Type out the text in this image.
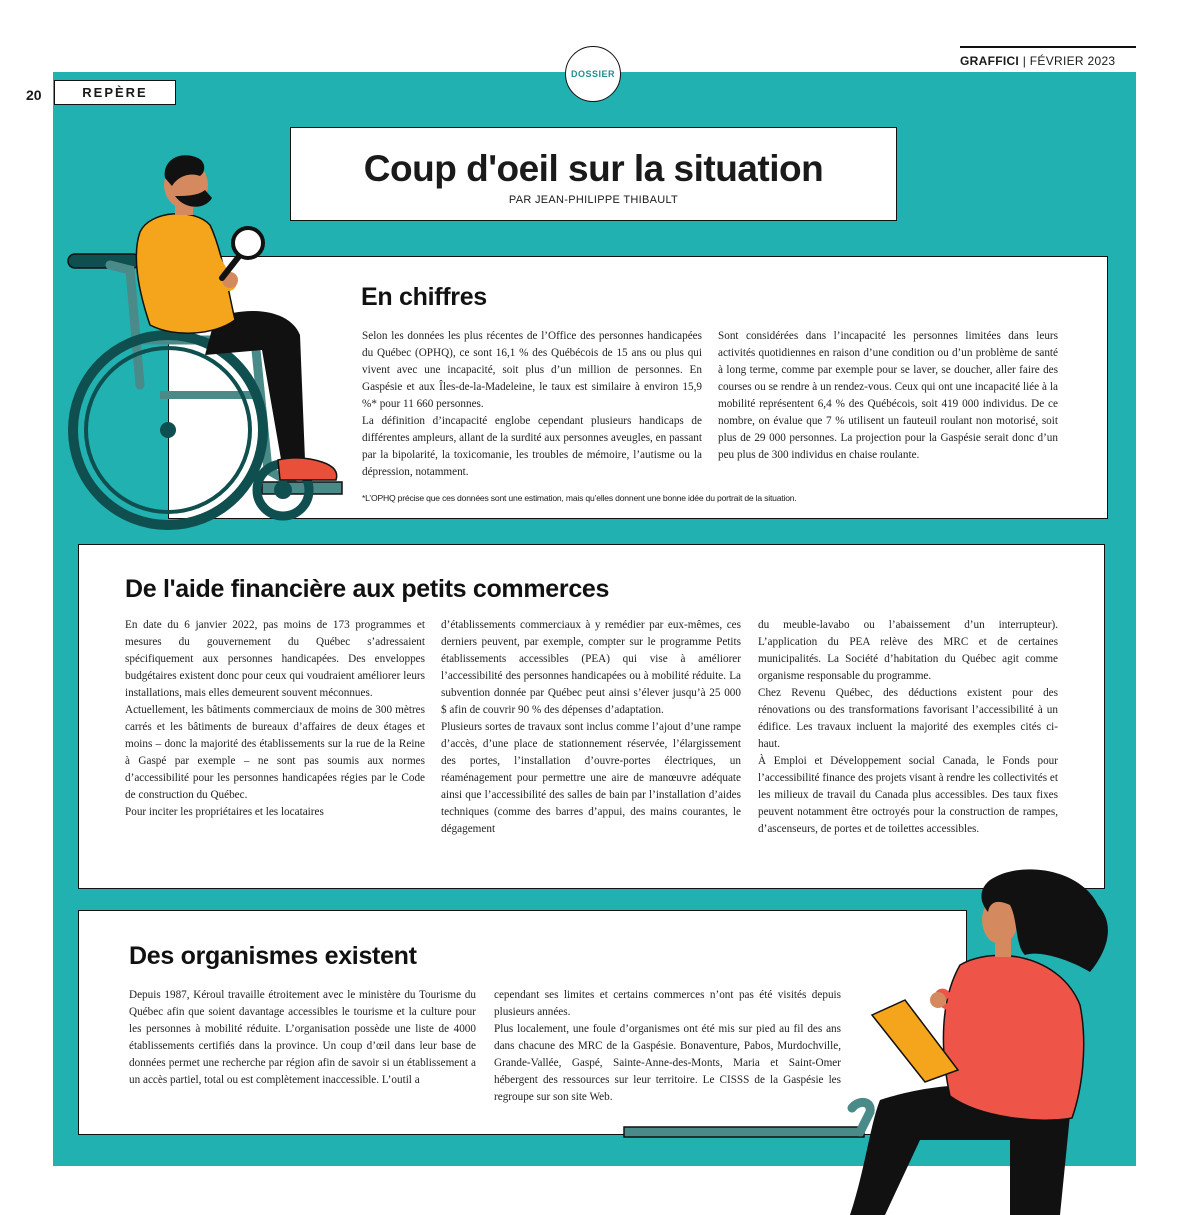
GRAFFICI | FÉVRIER 2023
20	REPÈRE
DOSSIER
Coup d'oeil sur la situation
PAR JEAN-PHILIPPE THIBAULT
En chiffres

Selon les données les plus récentes de l’Office des personnes handicapées du Québec (OPHQ), ce sont 16,1 % des Québécois de 15 ans ou plus qui vivent avec une incapacité, soit plus d’un million de personnes. En Gaspésie et aux Îles-de-la-Madeleine, le taux est similaire à environ 15,9 %* pour 11 660 personnes.

La définition d’incapacité englobe cependant plusieurs handicaps de différentes ampleurs, allant de la surdité aux personnes aveugles, en passant par la bipolarité, la toxicomanie, les troubles de mémoire, l’autisme ou la dépression, notamment.

Sont considérées dans l’incapacité les personnes limitées dans leurs activités quotidiennes en raison d’une condition ou d’un problème de santé à long terme, comme par exemple pour se laver, se doucher, aller faire des courses ou se rendre à un rendez-vous. Ceux qui ont une incapacité liée à la mobilité représentent 6,4 % des Québécois, soit 419 000 individus. De ce nombre, on évalue que 7 % utilisent un fauteuil roulant non motorisé, soit plus de 29 000 personnes. La projection pour la Gaspésie serait donc d’un peu plus de 300 individus en chaise roulante.

*L’OPHQ précise que ces données sont une estimation, mais qu’elles donnent une bonne idée du portrait de la situation.
De l'aide financière aux petits commerces

En date du 6 janvier 2022, pas moins de 173 programmes et mesures du gouvernement du Québec s’adressaient spécifiquement aux personnes handicapées. Des enveloppes budgétaires existent donc pour ceux qui voudraient améliorer leurs installations, mais elles demeurent souvent méconnues.

Actuellement, les bâtiments commerciaux de moins de 300 mètres carrés et les bâtiments de bureaux d’affaires de deux étages et moins – donc la majorité des établissements sur la rue de la Reine à Gaspé par exemple – ne sont pas soumis aux normes d’accessibilité pour les personnes handicapées régies par le Code de construction du Québec.

Pour inciter les propriétaires et les locataires

d’établissements commerciaux à y remédier par eux-mêmes, ces derniers peuvent, par exemple, compter sur le programme Petits établissements accessibles (PEA) qui vise à améliorer l’accessibilité des personnes handicapées ou à mobilité réduite. La subvention donnée par Québec peut ainsi s’élever jusqu’à 25 000 $ afin de couvrir 90 % des dépenses d’adaptation.

Plusieurs sortes de travaux sont inclus comme l’ajout d’une rampe d’accès, d’une place de stationnement réservée, l’élargissement des portes, l’installation d’ouvre-portes électriques, un réaménagement pour permettre une aire de manœuvre adéquate ainsi que l’accessibilité des salles de bain par l’installation d’aides techniques (comme des barres d’appui, des mains courantes, le dégagement

du meuble-lavabo ou l’abaissement d’un interrupteur). L’application du PEA relève des MRC et de certaines municipalités. La Société d’habitation du Québec agit comme organisme responsable du programme.

Chez Revenu Québec, des déductions existent pour des rénovations ou des transformations favorisant l’accessibilité à un édifice. Les travaux incluent la majorité des exemples cités ci-haut.

À Emploi et Développement social Canada, le Fonds pour l’accessibilité finance des projets visant à rendre les collectivités et les milieux de travail du Canada plus accessibles. Des taux fixes peuvent notamment être octroyés pour la construction de rampes, d’ascenseurs, de portes et de toilettes accessibles.

Des organismes existent

Depuis 1987, Kéroul travaille étroitement avec le ministère du Tourisme du Québec afin que soient davantage accessibles le tourisme et la culture pour les personnes à mobilité réduite. L’organisation possède une liste de 4000 établissements certifiés dans la province. Un coup d’œil dans leur base de données permet une recherche par région afin de savoir si un établissement a un accès partiel, total ou est complètement inaccessible. L’outil a

cependant ses limites et certains commerces n’ont pas été visités depuis plusieurs années.

Plus localement, une foule d’organismes ont été mis sur pied au fil des ans dans chacune des MRC de la Gaspésie. Bonaventure, Pabos, Murdochville, Grande-Vallée, Gaspé, Sainte-Anne-des-Monts, Maria et Saint-Omer hébergent des ressources sur leur territoire. Le CISSS de la Gaspésie les regroupe sur son site Web.
